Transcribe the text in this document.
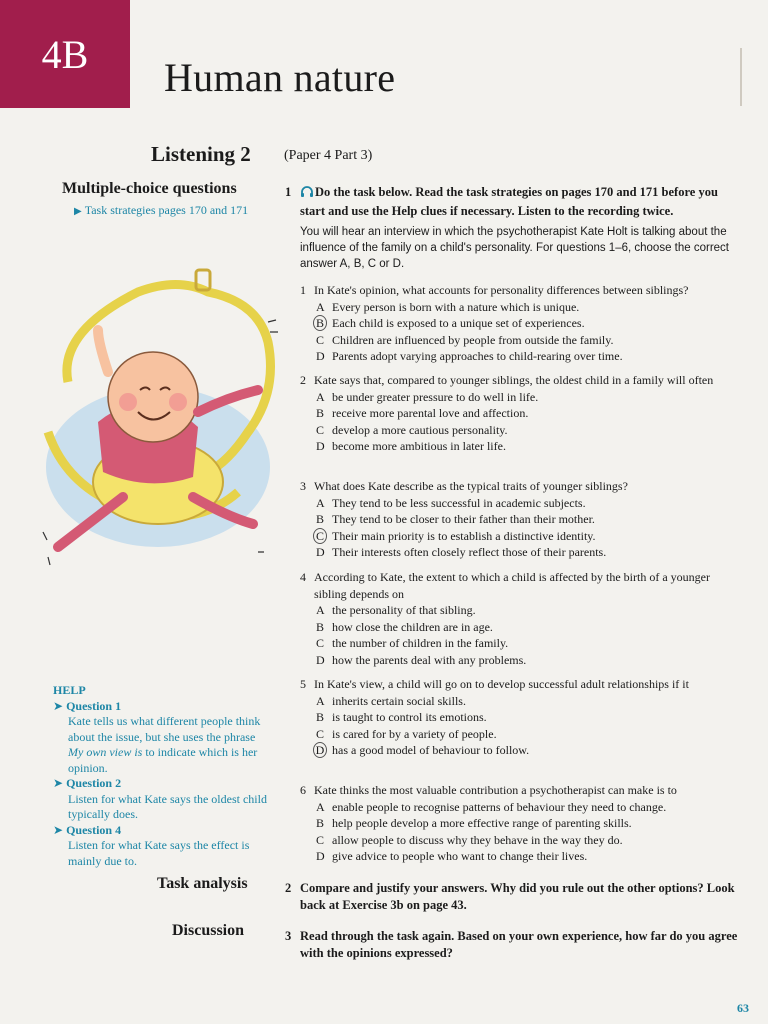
4B
Human nature
Listening 2 (Paper 4 Part 3)
Multiple-choice questions
▶ Task strategies pages 170 and 171
1 Do the task below. Read the task strategies on pages 170 and 171 before you start and use the Help clues if necessary. Listen to the recording twice.
You will hear an interview in which the psychotherapist Kate Holt is talking about the influence of the family on a child's personality. For questions 1–6, choose the correct answer A, B, C or D.
1 In Kate's opinion, what accounts for personality differences between siblings?
A Every person is born with a nature which is unique.
B Each child is exposed to a unique set of experiences.
C Children are influenced by people from outside the family.
D Parents adopt varying approaches to child-rearing over time.
2 Kate says that, compared to younger siblings, the oldest child in a family will often
A be under greater pressure to do well in life.
B receive more parental love and affection.
C develop a more cautious personality.
D become more ambitious in later life.
3 What does Kate describe as the typical traits of younger siblings?
A They tend to be less successful in academic subjects.
B They tend to be closer to their father than their mother.
C Their main priority is to establish a distinctive identity.
D Their interests often closely reflect those of their parents.
4 According to Kate, the extent to which a child is affected by the birth of a younger sibling depends on
A the personality of that sibling.
B how close the children are in age.
C the number of children in the family.
D how the parents deal with any problems.
5 In Kate's view, a child will go on to develop successful adult relationships if it
A inherits certain social skills.
B is taught to control its emotions.
C is cared for by a variety of people.
D has a good model of behaviour to follow.
6 Kate thinks the most valuable contribution a psychotherapist can make is to
A enable people to recognise patterns of behaviour they need to change.
B help people develop a more effective range of parenting skills.
C allow people to discuss why they behave in the way they do.
D give advice to people who want to change their lives.
HELP
➤ Question 1
Kate tells us what different people think about the issue, but she uses the phrase My own view is to indicate which is her opinion.
➤ Question 2
Listen for what Kate says the oldest child typically does.
➤ Question 4
Listen for what Kate says the effect is mainly due to.
Task analysis	2 Compare and justify your answers. Why did you rule out the other options? Look back at Exercise 3b on page 43.
Discussion	3 Read through the task again. Based on your own experience, how far do you agree with the opinions expressed?
63
